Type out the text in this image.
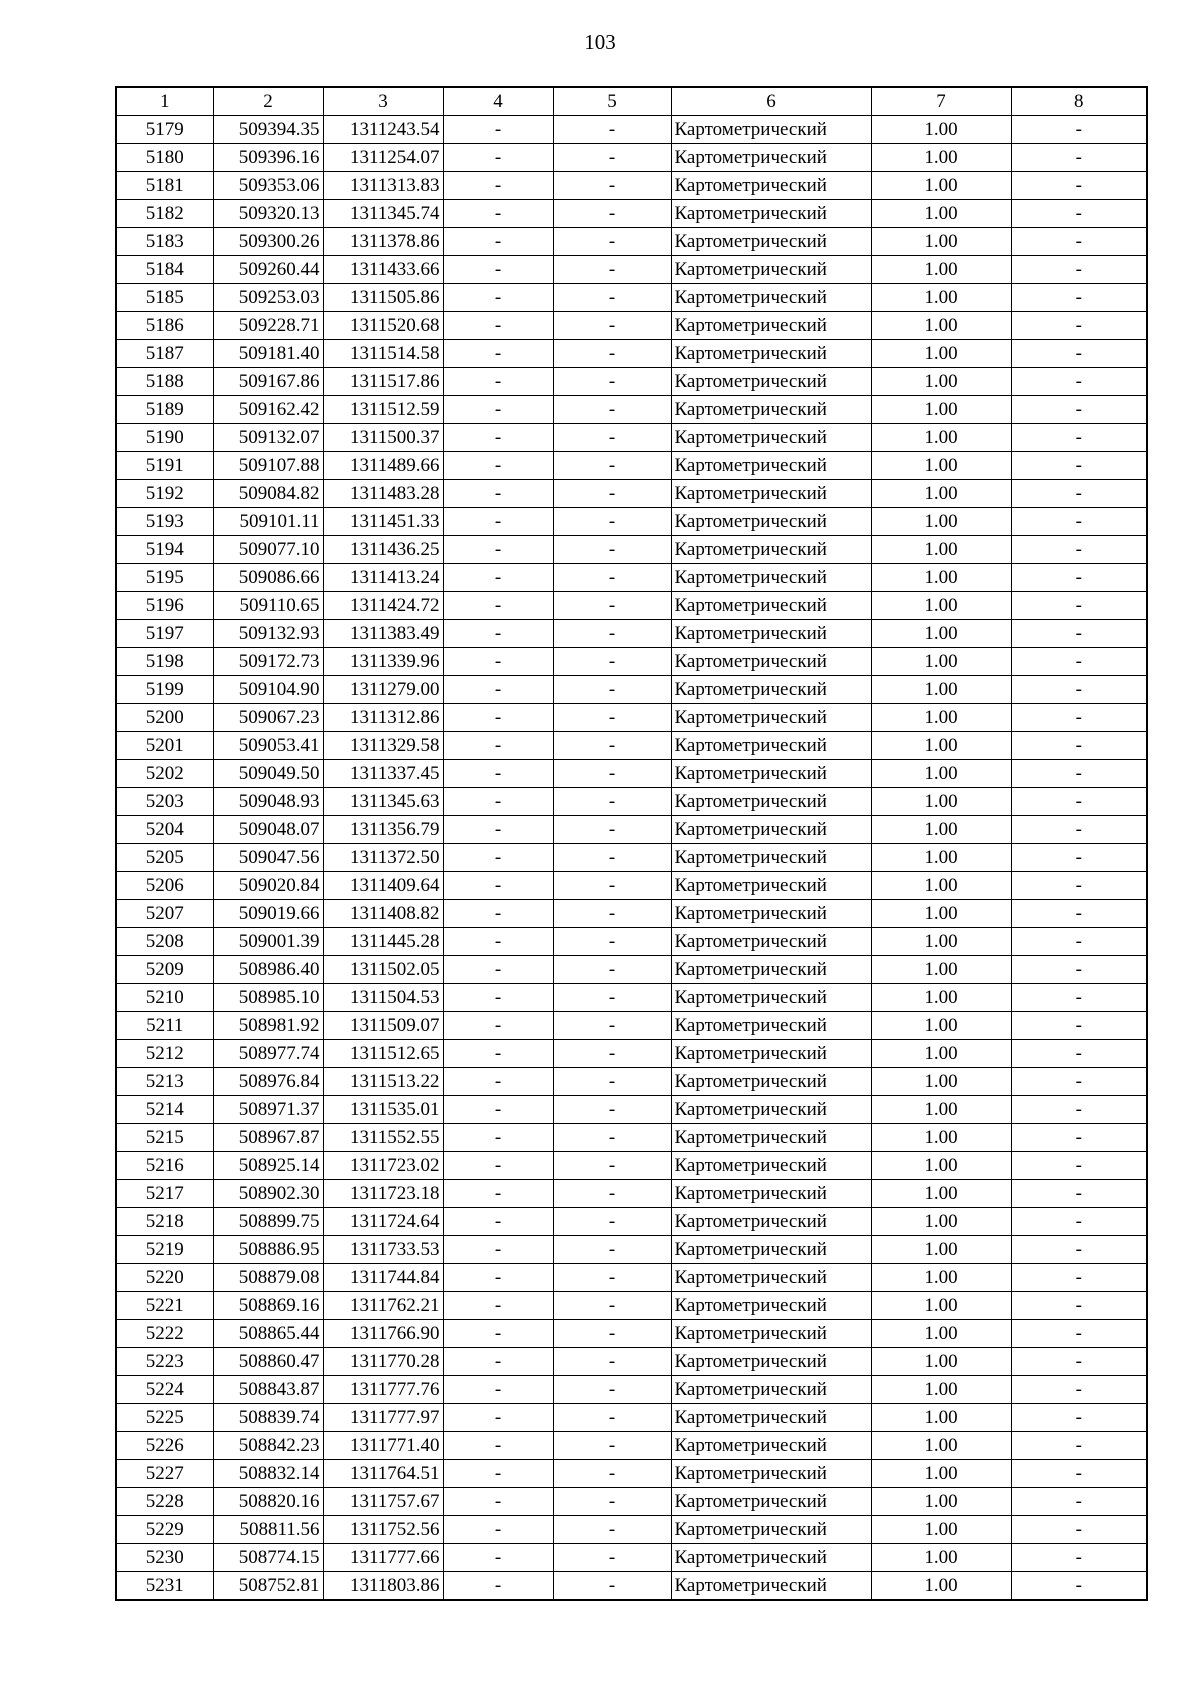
103
1	2	3	4	5	6	7	8
5179	509394.35	1311243.54	-	-	Картометрический	1.00	-
5180	509396.16	1311254.07	-	-	Картометрический	1.00	-
5181	509353.06	1311313.83	-	-	Картометрический	1.00	-
5182	509320.13	1311345.74	-	-	Картометрический	1.00	-
5183	509300.26	1311378.86	-	-	Картометрический	1.00	-
5184	509260.44	1311433.66	-	-	Картометрический	1.00	-
5185	509253.03	1311505.86	-	-	Картометрический	1.00	-
5186	509228.71	1311520.68	-	-	Картометрический	1.00	-
5187	509181.40	1311514.58	-	-	Картометрический	1.00	-
5188	509167.86	1311517.86	-	-	Картометрический	1.00	-
5189	509162.42	1311512.59	-	-	Картометрический	1.00	-
5190	509132.07	1311500.37	-	-	Картометрический	1.00	-
5191	509107.88	1311489.66	-	-	Картометрический	1.00	-
5192	509084.82	1311483.28	-	-	Картометрический	1.00	-
5193	509101.11	1311451.33	-	-	Картометрический	1.00	-
5194	509077.10	1311436.25	-	-	Картометрический	1.00	-
5195	509086.66	1311413.24	-	-	Картометрический	1.00	-
5196	509110.65	1311424.72	-	-	Картометрический	1.00	-
5197	509132.93	1311383.49	-	-	Картометрический	1.00	-
5198	509172.73	1311339.96	-	-	Картометрический	1.00	-
5199	509104.90	1311279.00	-	-	Картометрический	1.00	-
5200	509067.23	1311312.86	-	-	Картометрический	1.00	-
5201	509053.41	1311329.58	-	-	Картометрический	1.00	-
5202	509049.50	1311337.45	-	-	Картометрический	1.00	-
5203	509048.93	1311345.63	-	-	Картометрический	1.00	-
5204	509048.07	1311356.79	-	-	Картометрический	1.00	-
5205	509047.56	1311372.50	-	-	Картометрический	1.00	-
5206	509020.84	1311409.64	-	-	Картометрический	1.00	-
5207	509019.66	1311408.82	-	-	Картометрический	1.00	-
5208	509001.39	1311445.28	-	-	Картометрический	1.00	-
5209	508986.40	1311502.05	-	-	Картометрический	1.00	-
5210	508985.10	1311504.53	-	-	Картометрический	1.00	-
5211	508981.92	1311509.07	-	-	Картометрический	1.00	-
5212	508977.74	1311512.65	-	-	Картометрический	1.00	-
5213	508976.84	1311513.22	-	-	Картометрический	1.00	-
5214	508971.37	1311535.01	-	-	Картометрический	1.00	-
5215	508967.87	1311552.55	-	-	Картометрический	1.00	-
5216	508925.14	1311723.02	-	-	Картометрический	1.00	-
5217	508902.30	1311723.18	-	-	Картометрический	1.00	-
5218	508899.75	1311724.64	-	-	Картометрический	1.00	-
5219	508886.95	1311733.53	-	-	Картометрический	1.00	-
5220	508879.08	1311744.84	-	-	Картометрический	1.00	-
5221	508869.16	1311762.21	-	-	Картометрический	1.00	-
5222	508865.44	1311766.90	-	-	Картометрический	1.00	-
5223	508860.47	1311770.28	-	-	Картометрический	1.00	-
5224	508843.87	1311777.76	-	-	Картометрический	1.00	-
5225	508839.74	1311777.97	-	-	Картометрический	1.00	-
5226	508842.23	1311771.40	-	-	Картометрический	1.00	-
5227	508832.14	1311764.51	-	-	Картометрический	1.00	-
5228	508820.16	1311757.67	-	-	Картометрический	1.00	-
5229	508811.56	1311752.56	-	-	Картометрический	1.00	-
5230	508774.15	1311777.66	-	-	Картометрический	1.00	-
5231	508752.81	1311803.86	-	-	Картометрический	1.00	-
